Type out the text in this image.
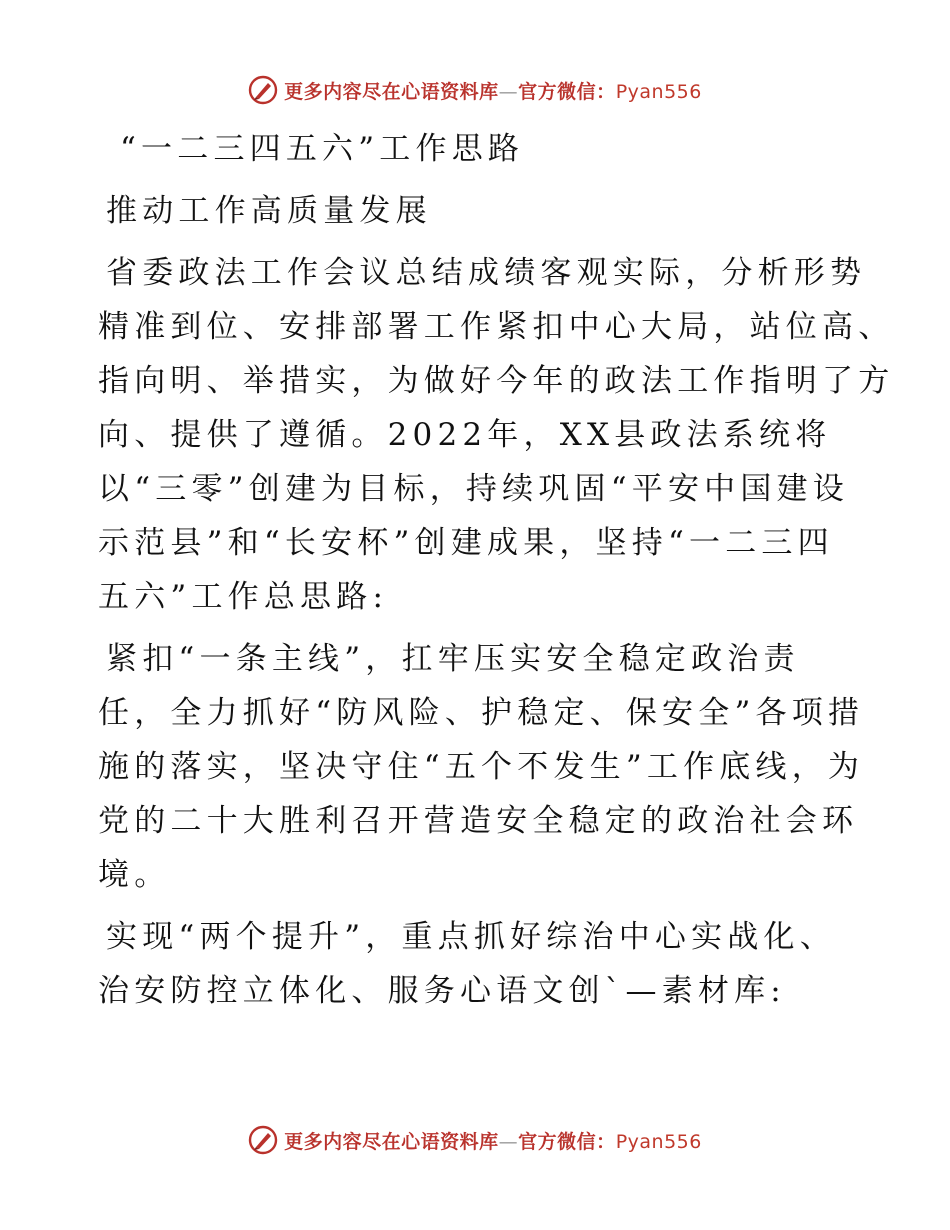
更多内容尽在心语资料库—官方微信：Pyan556

“一二三四五六”工作思路

推动工作高质量发展

省委政法工作会议总结成绩客观实际，分析形势

精准到位、安排部署工作紧扣中心大局，站位高、

指向明、举措实，为做好今年的政法工作指明了方

向、提供了遵循。2022年，XX县政法系统将

以“三零”创建为目标，持续巩固“平安中国建设

示范县”和“长安杯”创建成果，坚持“一二三四

五六”工作总思路:

紧扣“一条主线”，扛牢压实安全稳定政治责

任，全力抓好“防风险、护稳定、保安全”各项措

施的落实，坚决守住“五个不发生”工作底线，为

党的二十大胜利召开营造安全稳定的政治社会环

境。

实现“两个提升”，重点抓好综治中心实战化、

治安防控立体化、服务心语文创`—素材库:

更多内容尽在心语资料库—官方微信：Pyan556
